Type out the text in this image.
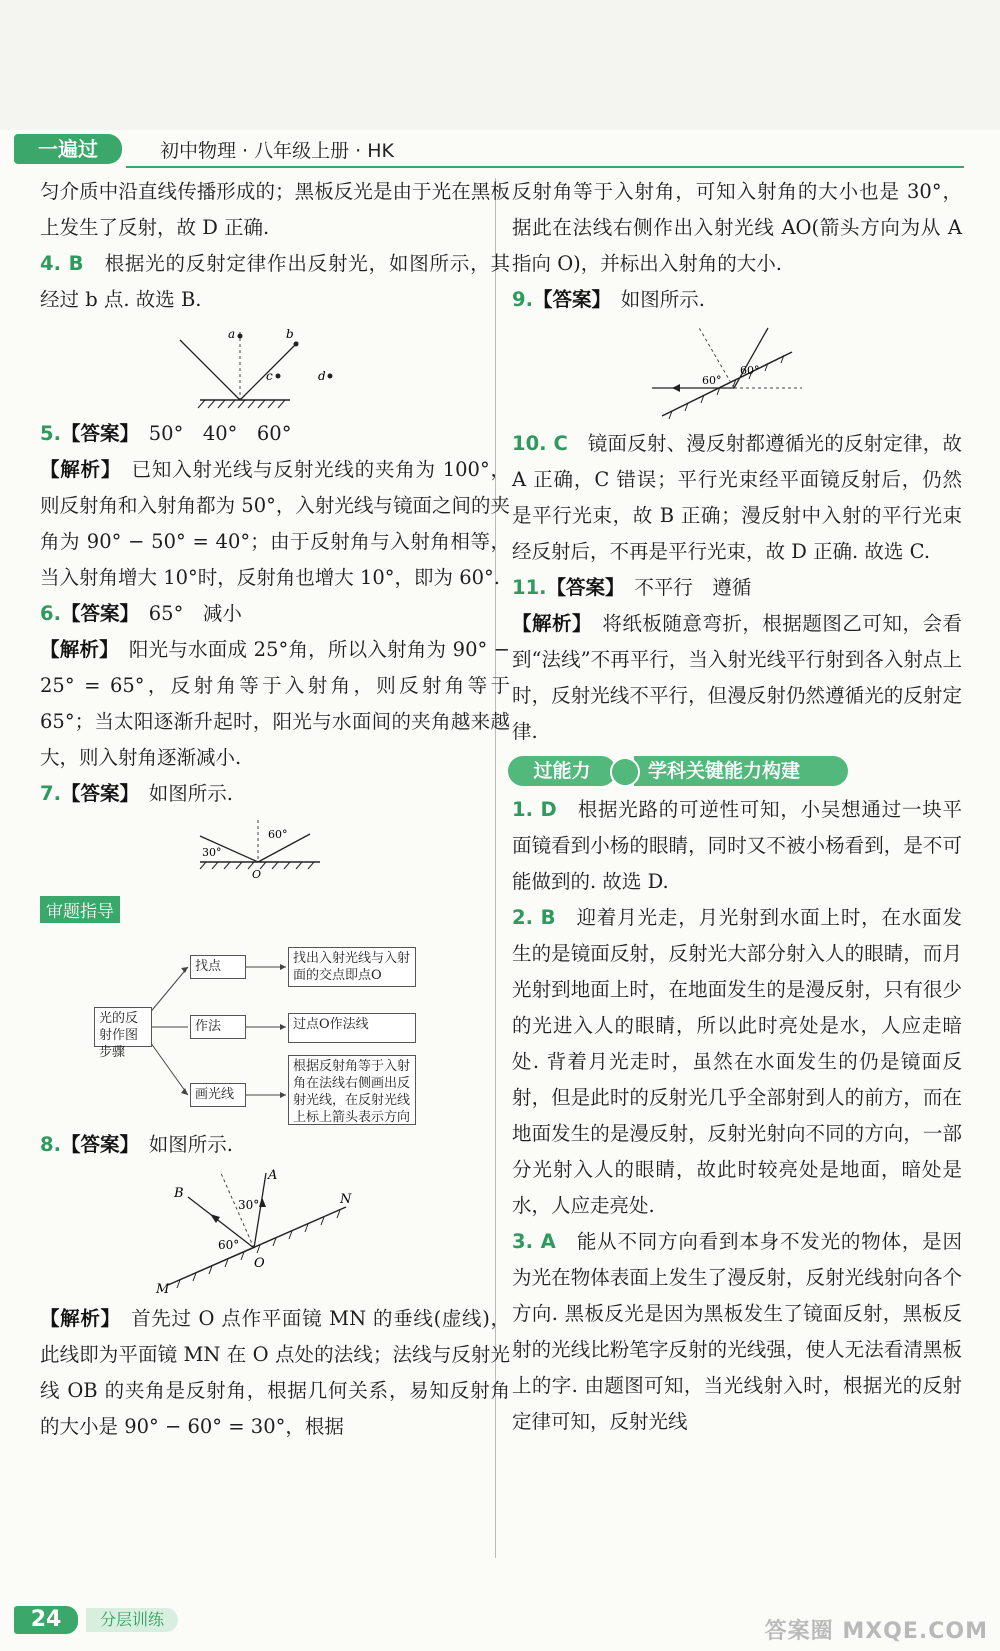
一遍过	初中物理 · 八年级上册 · HK

匀介质中沿直线传播形成的；黑板反光是由于光在黑板上发生了反射，故 D 正确.

4. B　 根据光的反射定律作出反射光，如图所示，其经过 b 点. 故选 B.

a	b
c	d

5.【答案】　 50°　40°　60°

【解析】　 已知入射光线与反射光线的夹角为 100°，则反射角和入射角都为 50°，入射光线与镜面之间的夹角为 90° − 50° = 40°；由于反射角与入射角相等，当入射角增大 10°时，反射角也增大 10°，即为 60°.

6.【答案】　 65°　减小

【解析】　 阳光与水面成 25°角，所以入射角为 90° − 25° = 65°，反射角等于入射角，则反射角等于 65°；当太阳逐渐升起时，阳光与水面间的夹角越来越大，则入射角逐渐减小.

7.【答案】　 如图所示.

60°
30°
O
审题指导
光的反射作图步骤
找点
作法
画光线
找出入射光线与入射面的交点即点O
过点O作法线
根据反射角等于入射角在法线右侧画出反射光线，在反射光线上标上箭头表示方向

8.【答案】　 如图所示.

A
B	N
M
O
30°
60°

【解析】　 首先过 O 点作平面镜 MN 的垂线(虚线)，此线即为平面镜 MN 在 O 点处的法线；法线与反射光线 OB 的夹角是反射角，根据几何关系，易知反射角的大小是 90° − 60° = 30°，根据

反射角等于入射角，可知入射角的大小也是 30°，据此在法线右侧作出入射光线 AO(箭头方向为从 A 指向 O)，并标出入射角的大小.

9.【答案】　 如图所示.

60°
60°

10. C　 镜面反射、漫反射都遵循光的反射定律，故 A 正确，C 错误；平行光束经平面镜反射后，仍然是平行光束，故 B 正确；漫反射中入射的平行光束经反射后，不再是平行光束，故 D 正确. 故选 C.

11.【答案】　 不平行　遵循

【解析】　 将纸板随意弯折，根据题图乙可知，会看到“法线”不再平行，当入射光线平行射到各入射点上时，反射光线不平行，但漫反射仍然遵循光的反射定律.

过能力	学科关键能力构建

1. D　 根据光路的可逆性可知，小吴想通过一块平面镜看到小杨的眼睛，同时又不被小杨看到，是不可能做到的. 故选 D.

2. B　 迎着月光走，月光射到水面上时，在水面发生的是镜面反射，反射光大部分射入人的眼睛，而月光射到地面上时，在地面发生的是漫反射，只有很少的光进入人的眼睛，所以此时亮处是水，人应走暗处. 背着月光走时，虽然在水面发生的仍是镜面反射，但是此时的反射光几乎全部射到人的前方，而在地面发生的是漫反射，反射光射向不同的方向，一部分光射入人的眼睛，故此时较亮处是地面，暗处是水，人应走亮处.

3. A　 能从不同方向看到本身不发光的物体，是因为光在物体表面上发生了漫反射，反射光线射向各个方向. 黑板反光是因为黑板发生了镜面反射，黑板反射的光线比粉笔字反射的光线强，使人无法看清黑板上的字. 由题图可知，当光线射入时，根据光的反射定律可知，反射光线

24	分层训练	答案圈 MXQE.COM
